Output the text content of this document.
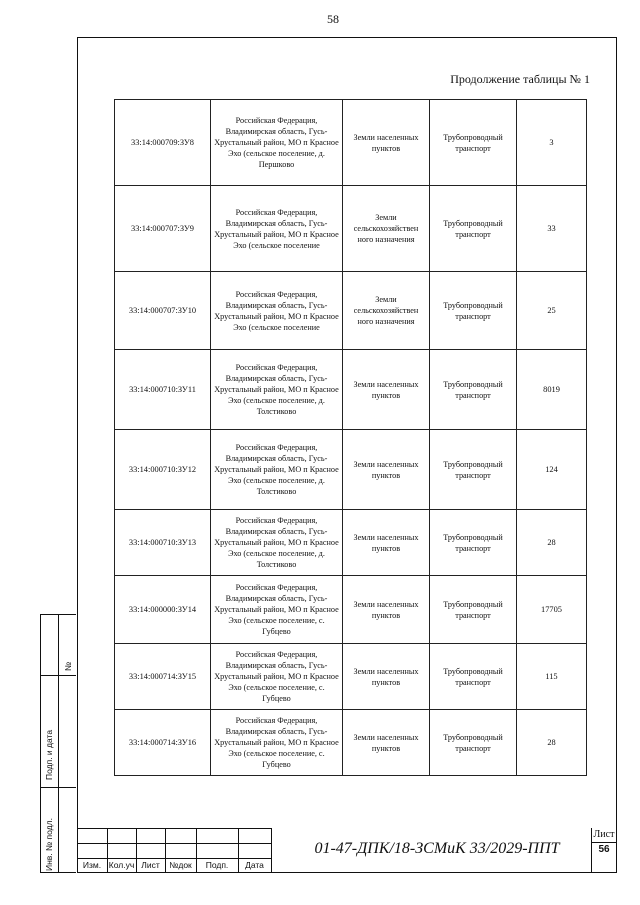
58
Продолжение таблицы № 1
33:14:000709:ЗУ8	Российская Федерация, Владимирская область, Гусь-Хрустальный район, МО п Красное Эхо (сельское поселение, д. Першково	Земли населенных пунктов	Трубопроводный транспорт	3
33:14:000707:ЗУ9	Российская Федерация, Владимирская область, Гусь-Хрустальный район, МО п Красное Эхо (сельское поселение	Земли сельскохозяйствен ного назначения	Трубопроводный транспорт	33
33:14:000707:ЗУ10	Российская Федерация, Владимирская область, Гусь-Хрустальный район, МО п Красное Эхо (сельское поселение	Земли сельскохозяйствен ного назначения	Трубопроводный транспорт	25
33:14:000710:ЗУ11	Российская Федерация, Владимирская область, Гусь-Хрустальный район, МО п Красное Эхо (сельское поселение, д. Толстиково	Земли населенных пунктов	Трубопроводный транспорт	8019
33:14:000710:ЗУ12	Российская Федерация, Владимирская область, Гусь-Хрустальный район, МО п Красное Эхо (сельское поселение, д. Толстиково	Земли населенных пунктов	Трубопроводный транспорт	124
33:14:000710:ЗУ13	Российская Федерация, Владимирская область, Гусь-Хрустальный район, МО п Красное Эхо (сельское поселение, д. Толстиково	Земли населенных пунктов	Трубопроводный транспорт	28
33:14:000000:ЗУ14	Российская Федерация, Владимирская область, Гусь-Хрустальный район, МО п Красное Эхо (сельское поселение, с. Губцево	Земли населенных пунктов	Трубопроводный транспорт	17705
33:14:000714:ЗУ15	Российская Федерация, Владимирская область, Гусь-Хрустальный район, МО п Красное Эхо (сельское поселение, с. Губцево	Земли населенных пунктов	Трубопроводный транспорт	115
33:14:000714:ЗУ16	Российская Федерация, Владимирская область, Гусь-Хрустальный район, МО п Красное Эхо (сельское поселение, с. Губцево	Земли населенных пунктов	Трубопроводный транспорт	28
№
Подп. и дата
Инв. № подл.	Изм. Кол.уч Лист	№док	Подп.	Дата
01-47-ДПК/18-ЗСМиК 33/2029-ППТ
Лист
56
